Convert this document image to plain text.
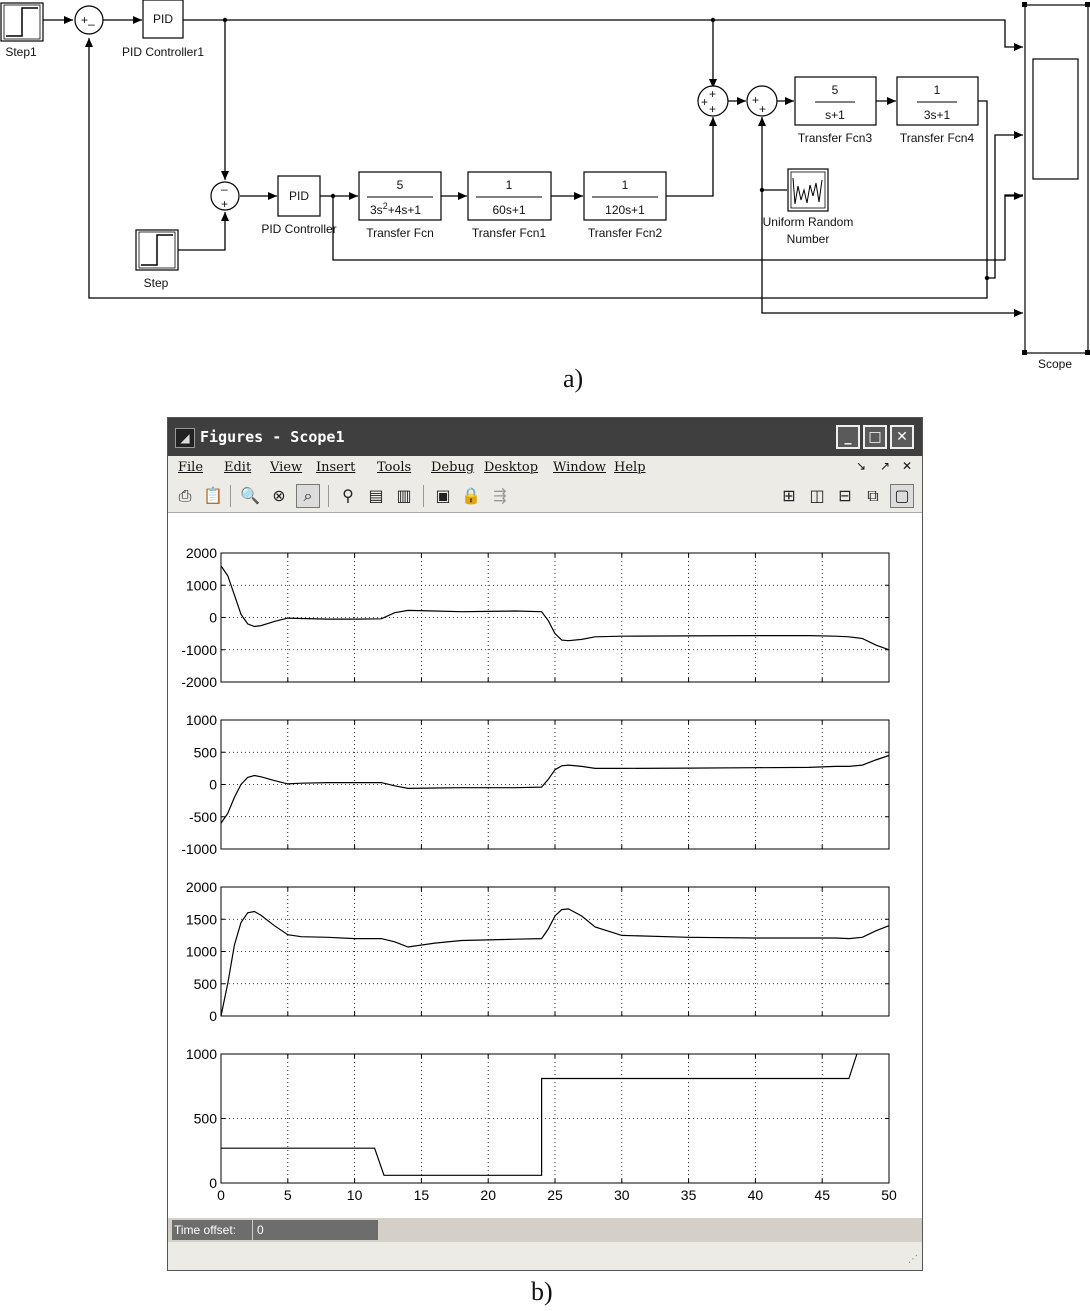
Step1
+ –	PID
PID Controller1
–
+
Step
PID
PID Controller
5
$3s^2+4s+1$
Transfer Fcn
1
60s+1
Transfer Fcn1
1
120s+1
Transfer Fcn2
+
+ +
+
+
5
s+1
Transfer Fcn3
1
3s+1
Transfer Fcn4
Uniform Random
Number
Scope
a)
◢ Figures - Scope1	_	□	✕
File Edit View Insert Tools Debug Desktop Window Help	↘ ↗ ✕
⎙ 📋 🔍 ⊗	⌕	⚲ ▤ ▥ ▣ 🔒 ⇶	⊞ ◫ ⊟ ⧉ ▢
2000
1000
0
-1000
-2000
1000
500
0
-500
-1000
2000
1500
1000
500
0
1000
500
0
0	5	10	15	20	25	30	35	40	45	50
Time offset:	0
⋰
b)
